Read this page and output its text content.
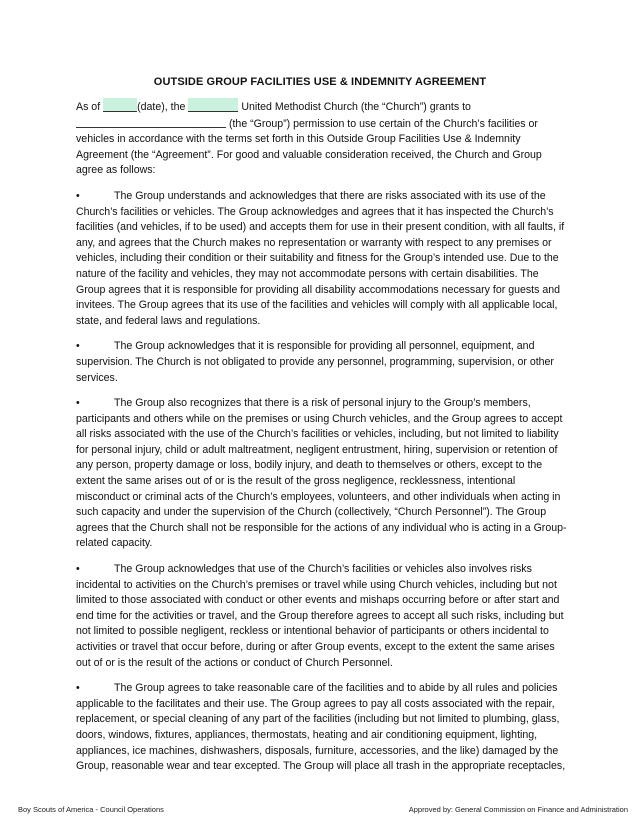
OUTSIDE GROUP FACILITIES USE & INDEMNITY AGREEMENT

As of	(date), the	United Methodist Church (the “Church”) grants to  (the “Group”) permission to use certain of the Church’s facilities or vehicles in accordance with the terms set forth in this Outside Group Facilities Use & Indemnity Agreement (the “Agreement”. For good and valuable consideration received, the Church and Group agree as follows:

•	The Group understands and acknowledges that there are risks associated with its use of the Church’s facilities or vehicles. The Group acknowledges and agrees that it has inspected the Church’s facilities (and vehicles, if to be used) and accepts them for use in their present condition, with all faults, if any, and agrees that the Church makes no representation or warranty with respect to any premises or vehicles, including their condition or their suitability and fitness for the Group’s intended use. Due to the nature of the facility and vehicles, they may not accommodate persons with certain disabilities. The Group agrees that it is responsible for providing all disability accommodations necessary for guests and invitees. The Group agrees that its use of the facilities and vehicles will comply with all applicable local, state, and federal laws and regulations.

•	The Group acknowledges that it is responsible for providing all personnel, equipment, and supervision. The Church is not obligated to provide any personnel, programming, supervision, or other services.

•	The Group also recognizes that there is a risk of personal injury to the Group’s members, participants and others while on the premises or using Church vehicles, and the Group agrees to accept all risks associated with the use of the Church’s facilities or vehicles, including, but not limited to liability for personal injury, child or adult maltreatment, negligent entrustment, hiring, supervision or retention of any person, property damage or loss, bodily injury, and death to themselves or others, except to the extent the same arises out of or is the result of the gross negligence, recklessness, intentional misconduct or criminal acts of the Church’s employees, volunteers, and other individuals when acting in such capacity and under the supervision of the Church (collectively, “Church Personnel”). The Group agrees that the Church shall not be responsible for the actions of any individual who is acting in a Group-related capacity.

•	The Group acknowledges that use of the Church’s facilities or vehicles also involves risks incidental to activities on the Church’s premises or travel while using Church vehicles, including but not limited to those associated with conduct or other events and mishaps occurring before or after start and end time for the activities or travel, and the Group therefore agrees to accept all such risks, including but not limited to possible negligent, reckless or intentional behavior of participants or others incidental to activities or travel that occur before, during or after Group events, except to the extent the same arises out of or is the result of the actions or conduct of Church Personnel.

•	The Group agrees to take reasonable care of the facilities and to abide by all rules and policies applicable to the facilitates and their use. The Group agrees to pay all costs associated with the repair, replacement, or special cleaning of any part of the facilities (including but not limited to plumbing, glass, doors, windows, fixtures, appliances, thermostats, heating and air conditioning equipment, lighting, appliances, ice machines, dishwashers, disposals, furniture, accessories, and the like) damaged by the Group, reasonable wear and tear excepted. The Group will place all trash in the appropriate receptacles,

Boy Scouts of America - Council Operations	Approved by: General Commission on Finance and Administration
